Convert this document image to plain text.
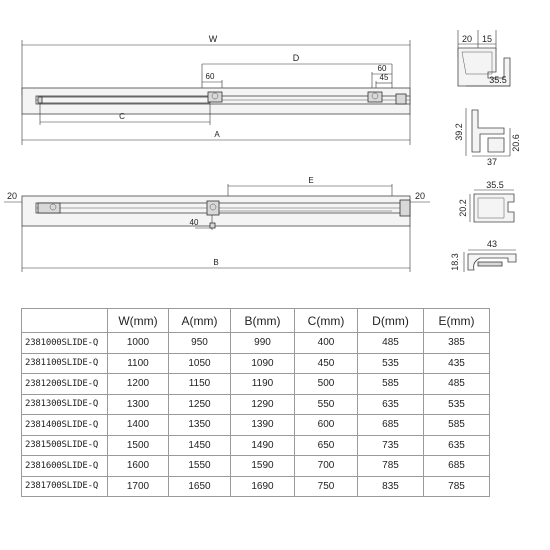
W
D
60
60
45
C
A
E
20	20
40
B
20 15
35.5
39.2
20.6
37
35.5
20.2
43
18.3
	W(mm)	A(mm)	B(mm)	C(mm)	D(mm)	E(mm)
2381000SLIDE-Q	1000	950	990	400	485	385
2381100SLIDE-Q	1100	1050	1090	450	535	435
2381200SLIDE-Q	1200	1150	1190	500	585	485
2381300SLIDE-Q	1300	1250	1290	550	635	535
2381400SLIDE-Q	1400	1350	1390	600	685	585
2381500SLIDE-Q	1500	1450	1490	650	735	635
2381600SLIDE-Q	1600	1550	1590	700	785	685
2381700SLIDE-Q	1700	1650	1690	750	835	785
